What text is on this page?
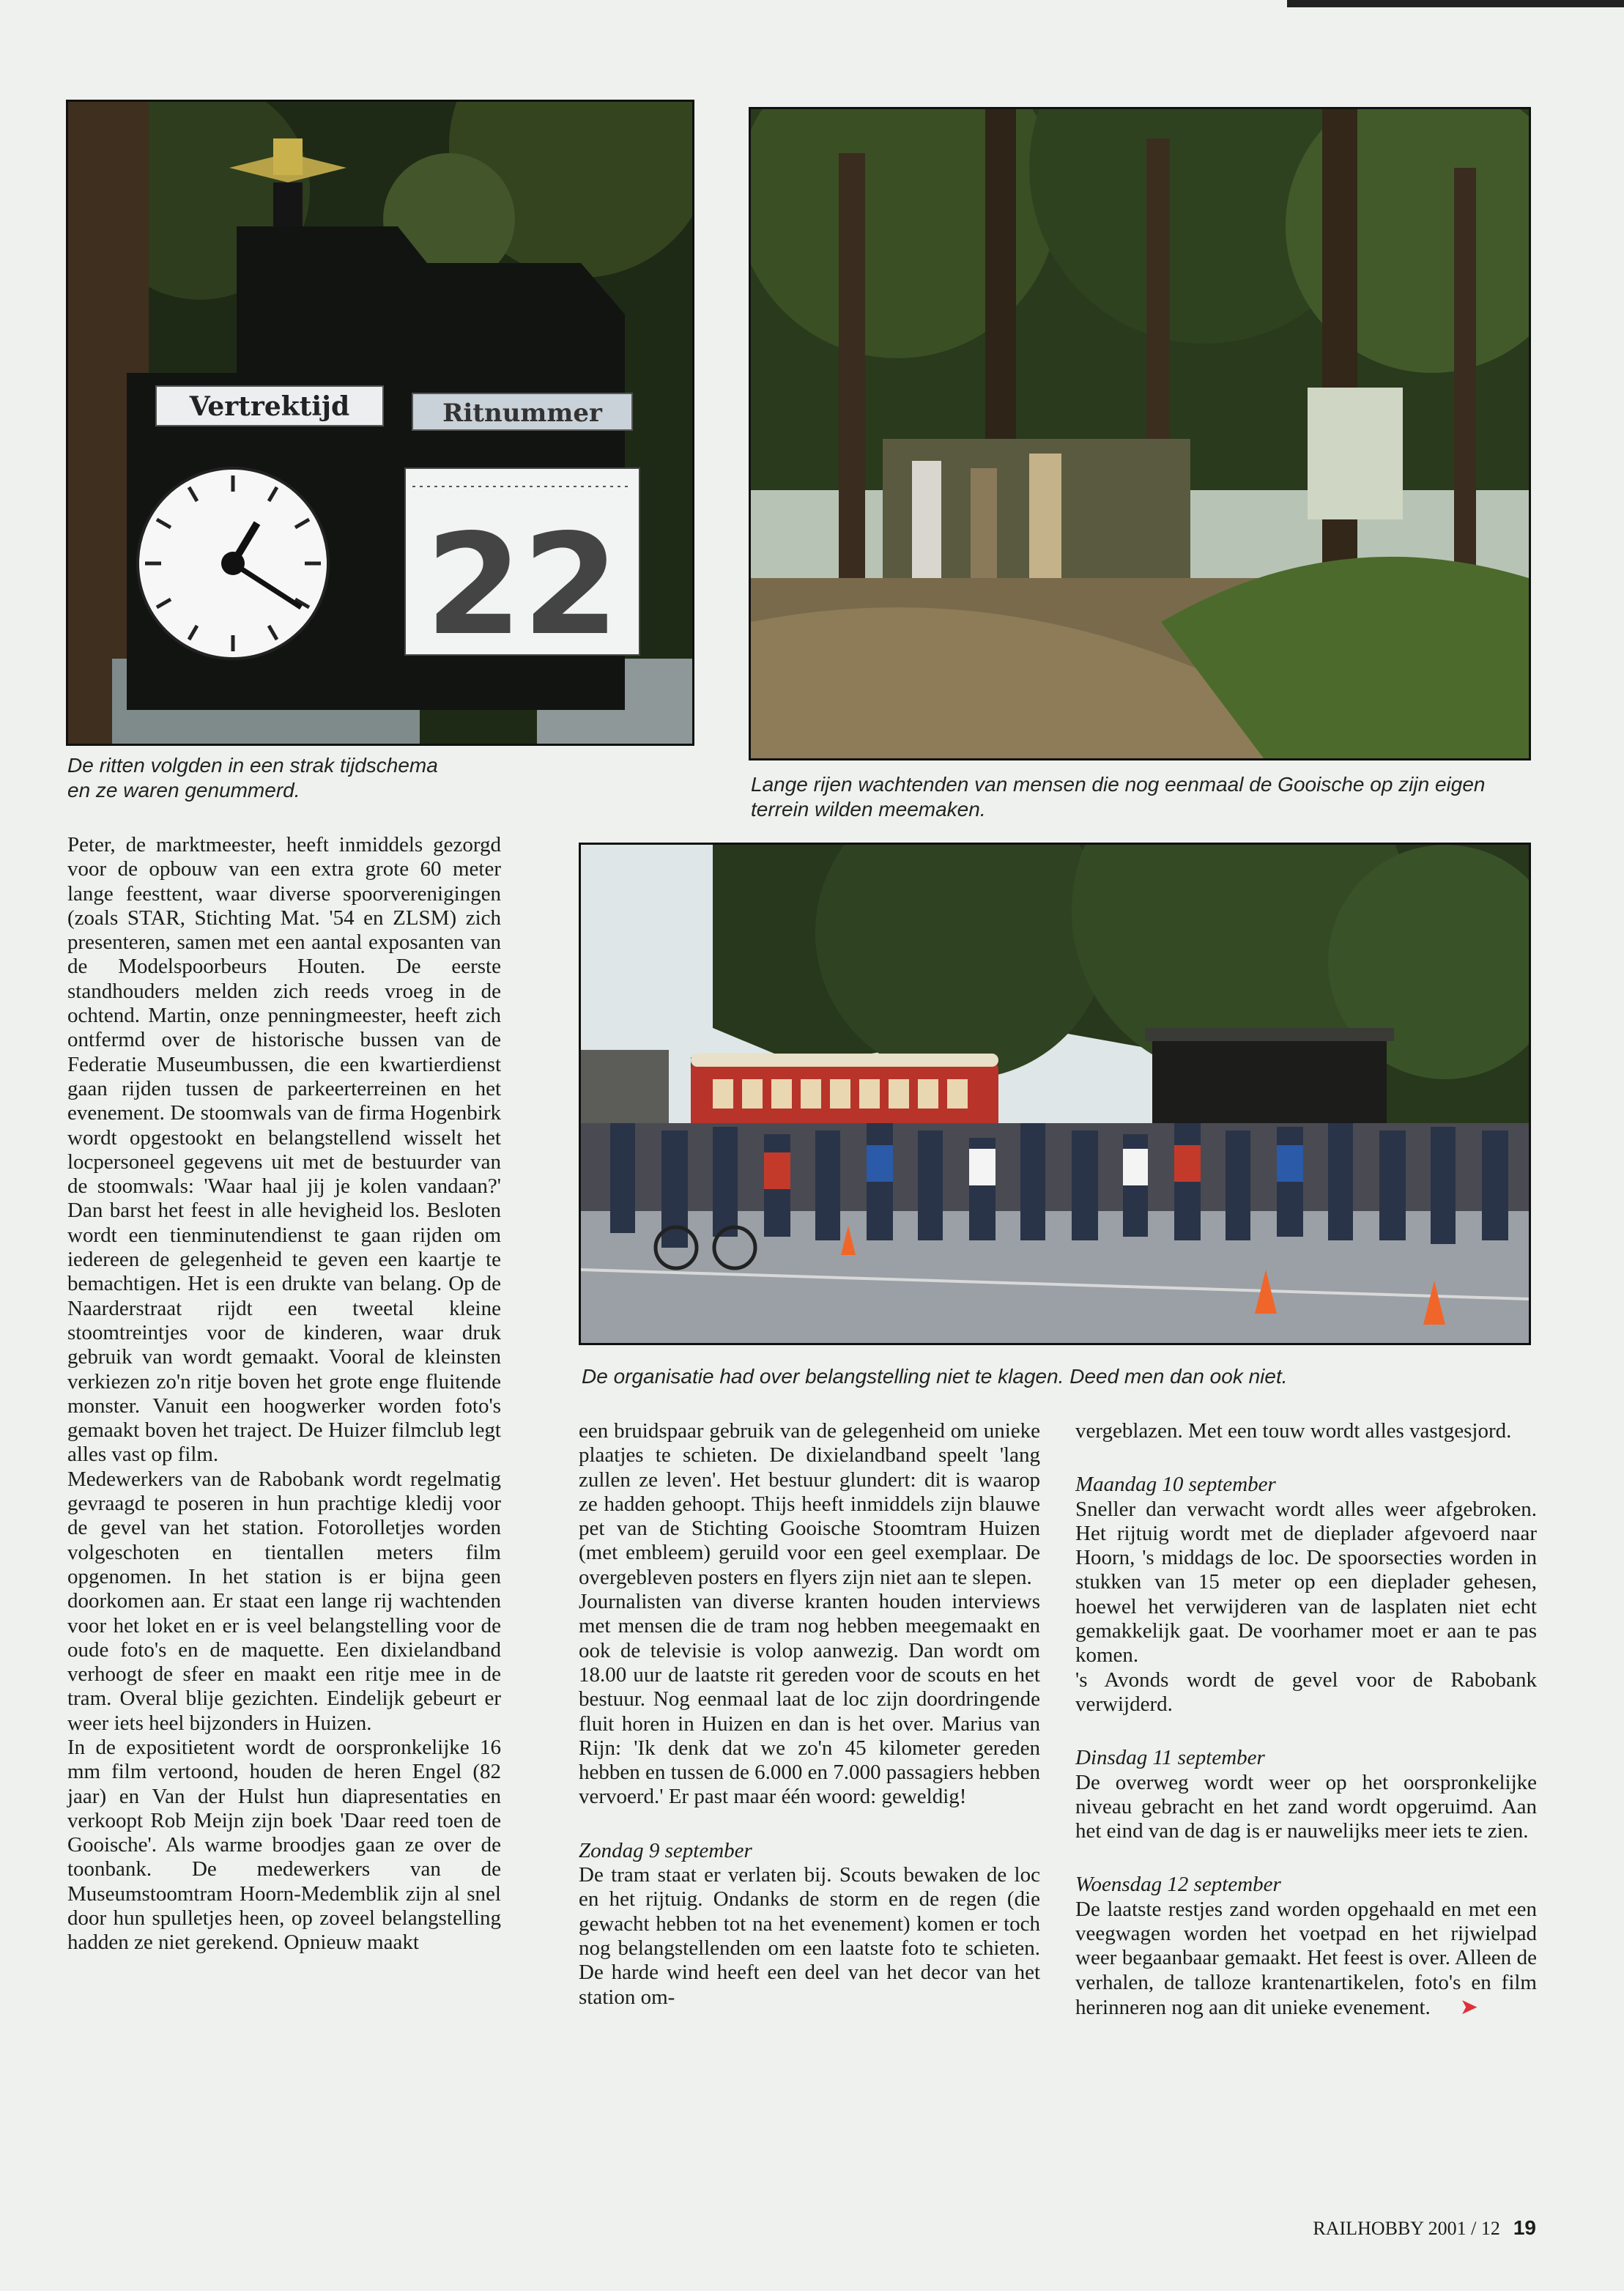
Vertrektijd	Ritnummer
22

De ritten volgden in een strak tijdschema
en ze waren genummerd.	Lange rijen wachtenden van mensen die nog eenmaal de Gooische op zijn eigen
terrein wilden meemaken.

De organisatie had over belangstelling niet te klagen. Deed men dan ook niet.

Peter, de marktmeester, heeft inmiddels gezorgd voor de opbouw van een extra grote 60 meter lange feesttent, waar diverse spoorverenigingen (zoals STAR, Stichting Mat. '54 en ZLSM) zich presenteren, samen met een aantal exposanten van de Modelspoorbeurs Houten. De eerste standhouders melden zich reeds vroeg in de ochtend. Martin, onze penningmeester, heeft zich ontfermd over de historische bussen van de Federatie Museumbussen, die een kwartierdienst gaan rijden tussen de parkeerterreinen en het evenement. De stoomwals van de firma Hogenbirk wordt opgestookt en belangstellend wisselt het locpersoneel gegevens uit met de bestuurder van de stoomwals: 'Waar haal jij je kolen vandaan?' Dan barst het feest in alle hevigheid los. Besloten wordt een tienminutendienst te gaan rijden om iedereen de gelegenheid te geven een kaartje te bemachtigen. Het is een drukte van belang. Op de Naarderstraat rijdt een tweetal kleine stoomtreintjes voor de kinderen, waar druk gebruik van wordt gemaakt. Vooral de kleinsten verkiezen zo'n ritje boven het grote enge fluitende monster. Vanuit een hoogwerker worden foto's gemaakt boven het traject. De Huizer filmclub legt alles vast op film.

Medewerkers van de Rabobank wordt regelmatig gevraagd te poseren in hun prachtige kledij voor de gevel van het station. Fotorolletjes worden volgeschoten en tientallen meters film opgenomen. In het station is er bijna geen doorkomen aan. Er staat een lange rij wachtenden voor het loket en er is veel belangstelling voor de oude foto's en de maquette. Een dixielandband verhoogt de sfeer en maakt een ritje mee in de tram. Overal blije gezichten. Eindelijk gebeurt er weer iets heel bijzonders in Huizen.

In de expositietent wordt de oorspronkelijke 16 mm film vertoond, houden de heren Engel (82 jaar) en Van der Hulst hun diapresentaties en verkoopt Rob Meijn zijn boek 'Daar reed toen de Gooische'. Als warme broodjes gaan ze over de toonbank. De medewerkers van de Museumstoomtram Hoorn-Medemblik zijn al snel door hun spulletjes heen, op zoveel belangstelling hadden ze niet gerekend. Opnieuw maakt

een bruidspaar gebruik van de gelegenheid om unieke plaatjes te schieten. De dixielandband speelt 'lang zullen ze leven'. Het bestuur glundert: dit is waarop ze hadden gehoopt. Thijs heeft inmiddels zijn blauwe pet van de Stichting Gooische Stoomtram Huizen (met embleem) geruild voor een geel exemplaar. De overgebleven posters en flyers zijn niet aan te slepen.

Journalisten van diverse kranten houden interviews met mensen die de tram nog hebben meegemaakt en ook de televisie is volop aanwezig. Dan wordt om 18.00 uur de laatste rit gereden voor de scouts en het bestuur. Nog eenmaal laat de loc zijn doordringende fluit horen in Huizen en dan is het over. Marius van Rijn: 'Ik denk dat we zo'n 45 kilometer gereden hebben en tussen de 6.000 en 7.000 passagiers hebben vervoerd.' Er past maar één woord: geweldig!

Zondag 9 september

De tram staat er verlaten bij. Scouts bewaken de loc en het rijtuig. Ondanks de storm en de regen (die gewacht hebben tot na het evenement) komen er toch nog belangstellenden om een laatste foto te schieten. De harde wind heeft een deel van het decor van het station om-

vergeblazen. Met een touw wordt alles vastgesjord.

Maandag 10 september

Sneller dan verwacht wordt alles weer afgebroken. Het rijtuig wordt met de dieplader afgevoerd naar Hoorn, 's middags de loc. De spoorsecties worden in stukken van 15 meter op een dieplader gehesen, hoewel het verwijderen van de lasplaten niet echt gemakkelijk gaat. De voorhamer moet er aan te pas komen.

's Avonds wordt de gevel voor de Rabobank verwijderd.

Dinsdag 11 september

De overweg wordt weer op het oorspronkelijke niveau gebracht en het zand wordt opgeruimd. Aan het eind van de dag is er nauwelijks meer iets te zien.

Woensdag 12 september

De laatste restjes zand worden opgehaald en met een veegwagen worden het voetpad en het rijwielpad weer begaanbaar gemaakt. Het feest is over. Alleen de verhalen, de talloze krantenartikelen, foto's en film herinneren nog aan dit unieke evenement. ➤

RAILHOBBY 2001 / 12 19
